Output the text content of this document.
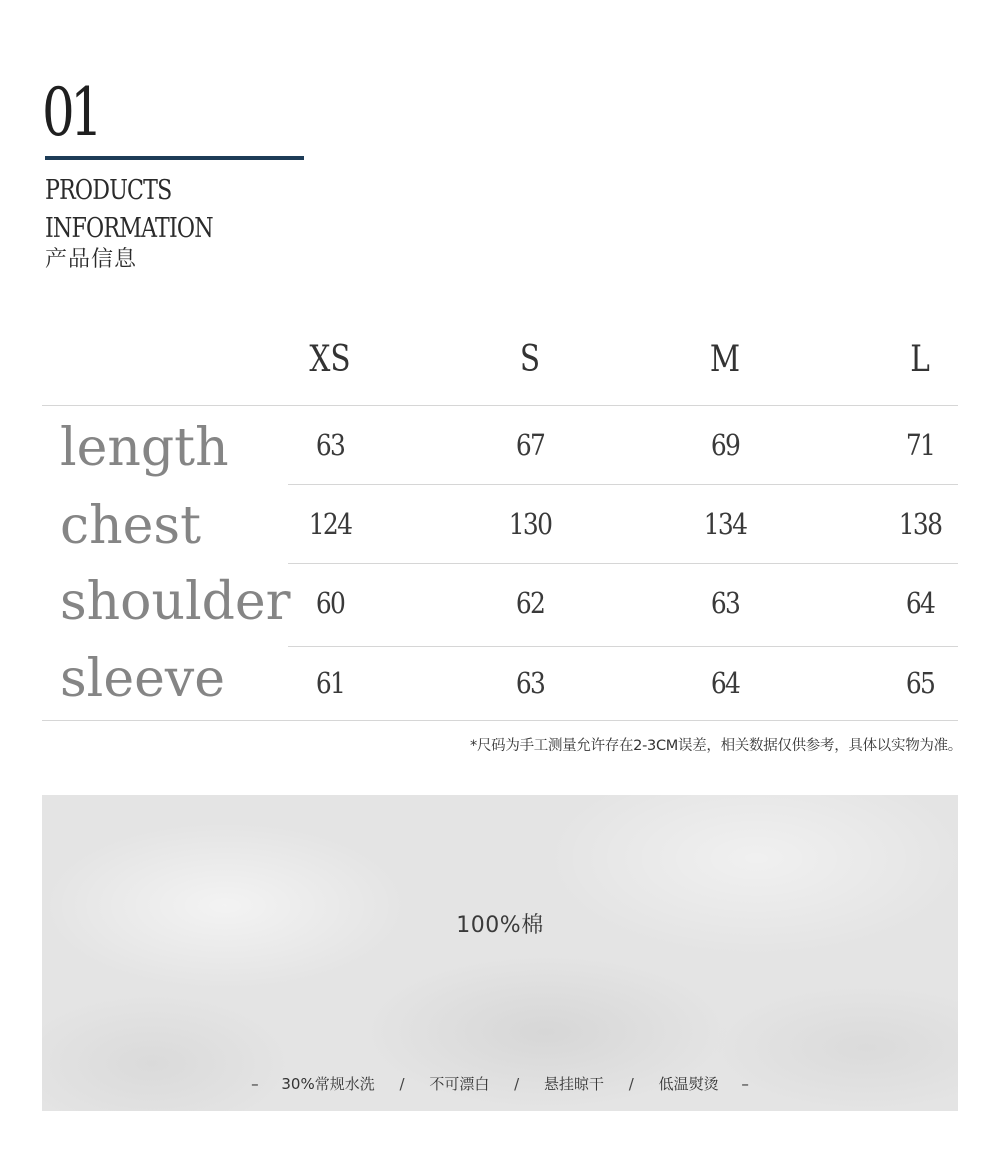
01
PRODUCTS
INFORMATION
产品信息
XS	S	M	L
length	63	67	69	71
chest	124	130	134	138
shoulder 60	62	63	64
sleeve	61	63	64	65
*尺码为手工测量允许存在2-3CM误差，相关数据仅供参考，具体以实物为准。
100%棉
– 30%常规水洗 / 不可漂白 / 悬挂晾干 / 低温熨烫 –
